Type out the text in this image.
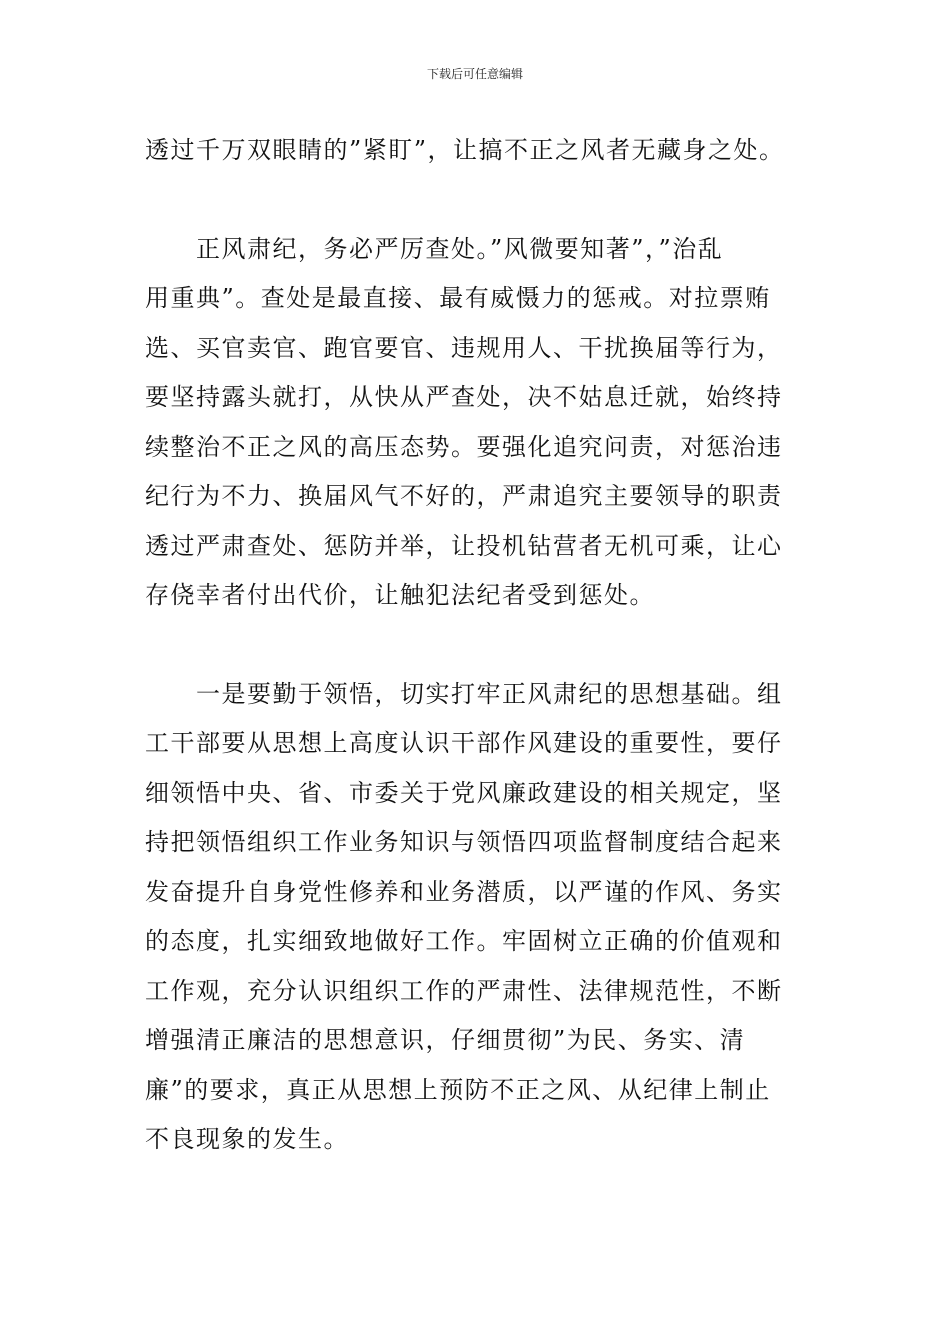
下载后可任意编辑
透过千万双眼睛的”紧盯”，让搞不正之风者无藏身之处。
　　正风肃纪，务必严厉查处。”风微要知著”，”治乱
用重典”。查处是最直接、最有威慑力的惩戒。对拉票贿
选、买官卖官、跑官要官、违规用人、干扰换届等行为，
要坚持露头就打，从快从严查处，决不姑息迁就，始终持
续整治不正之风的高压态势。要强化追究问责，对惩治违
纪行为不力、换届风气不好的，严肃追究主要领导的职责
透过严肃查处、惩防并举，让投机钻营者无机可乘，让心
存侥幸者付出代价，让触犯法纪者受到惩处。
　　一是要勤于领悟，切实打牢正风肃纪的思想基础。组
工干部要从思想上高度认识干部作风建设的重要性，要仔
细领悟中央、省、市委关于党风廉政建设的相关规定，坚
持把领悟组织工作业务知识与领悟四项监督制度结合起来
发奋提升自身党性修养和业务潜质，以严谨的作风、务实
的态度，扎实细致地做好工作。牢固树立正确的价值观和
工作观，充分认识组织工作的严肃性、法律规范性，不断
增强清正廉洁的思想意识，仔细贯彻”为民、务实、清
廉”的要求，真正从思想上预防不正之风、从纪律上制止
不良现象的发生。
